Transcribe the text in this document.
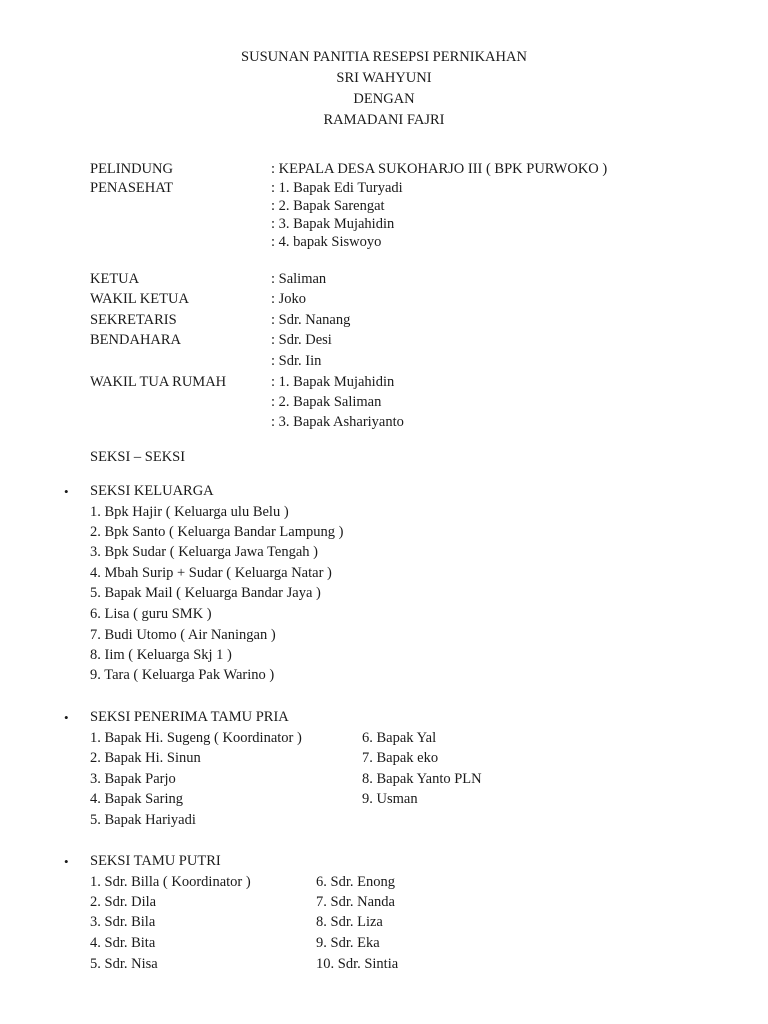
SUSUNAN PANITIA RESEPSI PERNIKAHAN
SRI WAHYUNI
DENGAN
RAMADANI FAJRI
PELINDUNG	: KEPALA DESA SUKOHARJO III ( BPK PURWOKO )
PENASEHAT	: 1. Bapak Edi Turyadi
: 2. Bapak Sarengat
: 3. Bapak Mujahidin
: 4. bapak Siswoyo
KETUA	: Saliman
WAKIL KETUA	: Joko
SEKRETARIS	: Sdr. Nanang
BENDAHARA	: Sdr. Desi
: Sdr. Iin
WAKIL TUA RUMAH	: 1. Bapak Mujahidin
: 2. Bapak Saliman
: 3. Bapak Ashariyanto
SEKSI – SEKSI
• SEKSI KELUARGA
1. Bpk Hajir ( Keluarga ulu Belu )
2. Bpk Santo ( Keluarga Bandar Lampung )
3. Bpk Sudar ( Keluarga Jawa Tengah )
4. Mbah Surip + Sudar ( Keluarga Natar )
5. Bapak Mail ( Keluarga Bandar Jaya )
6. Lisa ( guru SMK )
7. Budi Utomo ( Air Naningan )
8. Iim ( Keluarga Skj 1 )
9. Tara ( Keluarga Pak Warino )
• SEKSI PENERIMA TAMU PRIA
1. Bapak Hi. Sugeng ( Koordinator )
2. Bapak Hi. Sinun
3. Bapak Parjo
4. Bapak Saring
5. Bapak Hariyadi
6. Bapak Yal
7. Bapak eko
8. Bapak Yanto PLN
9. Usman
• SEKSI TAMU PUTRI
1. Sdr. Billa ( Koordinator )
2. Sdr. Dila
3. Sdr. Bila
4. Sdr. Bita
5. Sdr. Nisa
6. Sdr. Enong
7. Sdr. Nanda
8. Sdr. Liza
9. Sdr. Eka
10. Sdr. Sintia
